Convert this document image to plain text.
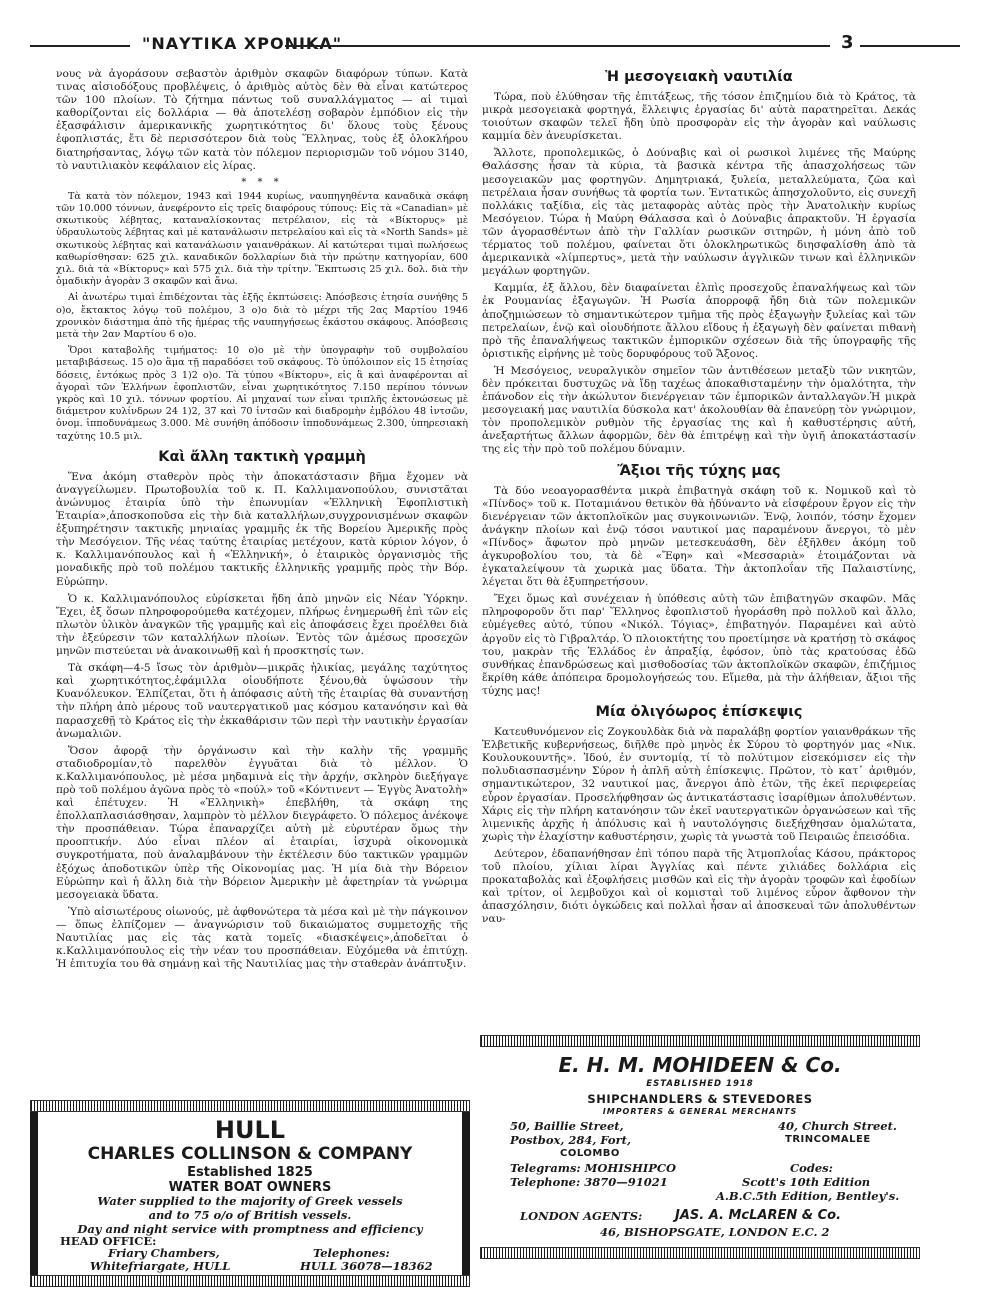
"ΝΑΥΤΙΚΑ ΧΡΟΝΙΚΑ"	3

νους νὰ ἀγοράσουν σεβαστὸν ἀριθμὸν σκαφῶν διαφόρων τύπων. Κατὰ τινας αἰσιοδόξους προβλέψεις, ὁ ἀριθμὸς αὐτὸς δὲν θὰ εἶναι κατώτερος τῶν 100 πλοίων. Τὸ ζήτημα πάντως τοῦ συναλλάγματος — αἱ τιμαὶ καθορίζονται εἰς δολλάρια — θὰ ἀποτελέσῃ σοβαρὸν ἐμπόδιον εἰς τὴν ἐξασφάλισιν ἀμερικανικῆς χωρητικότητος δι' ὅλους τοὺς ξένους ἐφοπλιστάς, ἔτι δὲ περισσότερον διὰ τοὺς Ἕλληνας, τοὺς ἐξ ὁλοκλήρου διατηρήσαντας, λόγῳ τῶν κατὰ τὸν πόλεμον περιορισμῶν τοῦ νόμου 3140, τὸ ναυτιλιακὸν κεφάλαιον εἰς λίρας.

* * *

Τὰ κατὰ τὸν πόλεμον, 1943 καὶ 1944 κυρίως, ναυπηγηθέντα καναδικὰ σκάφη τῶν 10.000 τόννων, ἀνεφέροντο εἰς τρεῖς διαφόρους τύπους: Εἰς τὰ «Canadian» μὲ σκωτικοὺς λέβητας, καταναλίσκοντας πετρέλαιον, εἰς τὰ «Βίκτορυς» μὲ ὑδραυλωτοὺς λέβητας καὶ μὲ κατανάλωσιν πετρελαίου καὶ εἰς τὰ «North Sands» μὲ σκωτικοὺς λέβητας καὶ κατανάλωσιν γαιανθράκων. Αἱ κατώτεραι τιμαὶ πωλήσεως καθωρίσθησαν: 625 χιλ. καναδικῶν δολλαρίων διὰ τὴν πρώτην κατηγορίαν, 600 χιλ. διὰ τὰ «Βίκτορυς» καὶ 575 χιλ. διὰ τὴν τρίτην. Ἔκπτωσις 25 χιλ. δολ. διὰ τὴν ὁμαδικὴν ἀγορὰν 3 σκαφῶν καὶ ἄνω.

Αἱ ἀνωτέρω τιμαὶ ἐπιδέχονται τὰς ἑξῆς ἐκπτώσεις: Ἀπόσβεσις ἐτησία συνήθης 5 ο)ο, ἔκτακτος λόγῳ τοῦ πολέμου, 3 ο)ο διὰ τὸ μέχρι τῆς 2ας Μαρτίου 1946 χρονικὸν διάστημα ἀπὸ τῆς ἡμέρας τῆς ναυπηγήσεως ἑκάστου σκάφους. Ἀπόσβεσις μετὰ τὴν 2αν Μαρτίου 6 ο)ο.

Ὅροι καταβολῆς τιμήματος: 10 ο)ο μὲ τὴν ὑπογραφὴν τοῦ συμβολαίου μεταβιβάσεως. 15 ο)ο ἅμα τῇ παραδόσει τοῦ σκάφους. Τὸ ὑπόλοιπον εἰς 15 ἐτησίας δόσεις, ἐντόκως πρὸς 3 1)2 ο)ο. Τὰ τύπου «Βίκτορυ», εἰς ἃ καὶ ἀναφέρονται αἱ ἀγοραὶ τῶν Ἑλλήνων ἐφοπλιστῶν, εἶναι χωρητικότητος 7.150 περίπου τόννων γκρὸς καὶ 10 χιλ. τόννων φορτίου. Αἱ μηχαναί των εἶναι τριπλῆς ἐκτονώσεως μὲ διάμετρον κυλίνδρων 24 1)2, 37 καὶ 70 ἰντσῶν καὶ διαδρομὴν ἐμβόλου 48 ἰντσῶν, ὀνομ. ἱπποδυνάμεως 3.000. Μὲ συνήθη ἀπόδοσιν ἱπποδυνάμεως 2.300, ὑπηρεσιακὴ ταχύτης 10.5 μιλ.

Καὶ ἄλλη τακτικὴ γραμμὴ

Ἕνα ἀκόμη σταθερὸν πρὸς τὴν ἀποκατάστασιν βῆμα ἔχομεν νὰ ἀναγγείλωμεν. Πρωτοβουλία τοῦ κ. Π. Καλλιμανοπούλου, συνιστᾶται ἀνώνυμος ἑταιρία ὑπὸ τὴν ἐπωνυμίαν «Ἑλληνικὴ Ἐφοπλιστικὴ Ἑταιρία»,ἀποσκοποῦσα εἰς τὴν διὰ καταλλήλων,συγχρονισμένων σκαφῶν ἐξυπηρέτησιν τακτικῆς μηνιαίας γραμμῆς ἐκ τῆς Βορείου Ἀμερικῆς πρὸς τὴν Μεσόγειον. Τῆς νέας ταύτης ἑταιρίας μετέχουν, κατὰ κύριον λόγον, ὁ κ. Καλλιμανόπουλος καὶ ἡ «Ἑλληνική», ὁ ἑταιρικὸς ὀργανισμὸς τῆς μοναδικῆς πρὸ τοῦ πολέμου τακτικῆς ἑλληνικῆς γραμμῆς πρὸς τὴν Βόρ. Εὐρώπην.

Ὁ κ. Καλλιμανόπουλος εὑρίσκεται ἤδη ἀπὸ μηνῶν εἰς Νέαν Ὑόρκην. Ἔχει, ἐξ ὅσων πληροφορούμεθα κατέχομεν, πλήρως ἐνημερωθῆ ἐπὶ τῶν εἰς πλωτὸν ὑλικὸν ἀναγκῶν τῆς γραμμῆς καὶ εἰς ἀποφάσεις ἔχει προέλθει διὰ τὴν ἐξεύρεσιν τῶν καταλλήλων πλοίων. Ἐντὸς τῶν ἀμέσως προσεχῶν μηνῶν πιστεύεται νὰ ἀνακοινωθῇ καὶ ἡ προσκτησίς των.

Τὰ σκάφη—4-5 ἴσως τὸν ἀριθμὸν—μικρᾶς ἡλικίας, μεγάλης ταχύτητος καὶ χωρητικότητος,ἐφάμιλλα οἱουδήποτε ξένου,θὰ ὑψώσουν τὴν Κυανόλευκον. Ἐλπίζεται, ὅτι ἡ ἀπόφασις αὐτὴ τῆς ἑταιρίας θὰ συναντήσῃ τὴν πλήρη ἀπὸ μέρους τοῦ ναυτεργατικοῦ μας κόσμου κατανόησιν καὶ θὰ παρασχεθῇ τὸ Κράτος εἰς τὴν ἐκκαθάρισιν τῶν περὶ τὴν ναυτικὴν ἐργασίαν ἀνωμαλιῶν.

Ὅσον ἀφορᾷ τὴν ὀργάνωσιν καὶ τὴν καλὴν τῆς γραμμῆς σταδιοδρομίαν,τὸ παρελθὸν ἐγγυᾶται διὰ τὸ μέλλον. Ὁ κ.Καλλιμανόπουλος, μὲ μέσα μηδαμινὰ εἰς τὴν ἀρχήν, σκληρὸν διεξήγαγε πρὸ τοῦ πολέμου ἀγῶνα πρὸς τὸ «πούλ» τοῦ «Κόντινεντ — Ἐγγὺς Ἀνατολὴ» καὶ ἐπέτυχεν. Ἡ «Ἑλληνικὴ» ἐπεβλήθη, τὰ σκάφη της ἐπολλαπλασιάσθησαν, λαμπρὸν τὸ μέλλον διεγράφετο. Ὁ πόλεμος ἀνέκοψε τὴν προσπάθειαν. Τώρα ἐπαναρχίζει αὐτὴ μὲ εὐρυτέραν ὅμως τὴν προοπτικήν. Δύο εἶναι πλέον αἱ ἑταιρίαι, ἰσχυρὰ οἰκονομικὰ συγκροτήματα, ποὺ ἀναλαμβάνουν τὴν ἐκτέλεσιν δύο τακτικῶν γραμμῶν ἐξόχως ἀποδοτικῶν ὑπὲρ τῆς Οἰκονομίας μας. Ἡ μία διὰ τὴν Βόρειον Εὐρώπην καὶ ἡ ἄλλη διὰ τὴν Βόρειον Ἀμερικὴν μὲ ἀφετηρίαν τὰ γνώριμα μεσογειακὰ ὕδατα.

Ὑπὸ αἰσιωτέρους οἰωνούς, μὲ ἀφθονώτερα τὰ μέσα καὶ μὲ τὴν πάγκοινον — ὅπως ἐλπίζομεν — ἀναγνώρισιν τοῦ δικαιώματος συμμετοχῆς τῆς Ναυτιλίας μας εἰς τὰς κατὰ τομεῖς «διασκέψεις»,ἀποδεῖται ὁ κ.Καλλιμανόπουλος εἰς τὴν νέαν του προσπάθειαν. Εὐχόμεθα νὰ ἐπιτύχῃ. Ἡ ἐπιτυχία του θὰ σημάνῃ καὶ τῆς Ναυτιλίας μας τὴν σταθερὰν ἀνάπτυξιν.

Ἡ μεσογειακὴ ναυτιλία

Τώρα, ποὺ ἐλύθησαν τῆς ἐπιτάξεως, τῆς τόσον ἐπιζημίου διὰ τὸ Κράτος, τὰ μικρὰ μεσογειακὰ φορτηγά, ἔλλειψις ἐργασίας δι' αὐτὰ παρατηρεῖται. Δεκάς τοιούτων σκαφῶν τελεῖ ἤδη ὑπὸ προσφορὰν εἰς τὴν ἀγορὰν καὶ ναύλωσις καμμία δὲν ἀνευρίσκεται.

Ἄλλοτε, προπολεμικῶς, ὁ Δούναβις καὶ οἱ ρωσικοὶ λιμένες τῆς Μαύρης Θαλάσσης ἦσαν τὰ κύρια, τὰ βασικὰ κέντρα τῆς ἀπασχολήσεως τῶν μεσογειακῶν μας φορτηγῶν. Δημητριακά, ξυλεία, μεταλλεύματα, ζῶα καὶ πετρέλαια ἦσαν συνήθως τὰ φορτία των. Ἐντατικῶς ἀπησχολοῦντο, εἰς συνεχῆ πολλάκις ταξίδια, εἰς τὰς μεταφορὰς αὐτὰς πρὸς τὴν Ἀνατολικὴν κυρίως Μεσόγειον. Τώρα ἡ Μαύρη Θάλασσα καὶ ὁ Δούναβις ἀπρακτοῦν. Ἡ ἐργασία τῶν ἀγορασθέντων ἀπὸ τὴν Γαλλίαν ρωσικῶν σιτηρῶν, ἡ μόνη ἀπὸ τοῦ τέρματος τοῦ πολέμου, φαίνεται ὅτι ὁλοκληρωτικῶς διησφαλίσθη ἀπὸ τὰ ἀμερικανικὰ «λίμπερτυς», μετὰ τὴν ναύλωσιν ἀγγλικῶν τινων καὶ ἑλληνικῶν μεγάλων φορτηγῶν.

Καμμία, ἐξ ἄλλου, δὲν διαφαίνεται ἐλπὶς προσεχοῦς ἐπαναλήψεως καὶ τῶν ἐκ Ρουμανίας ἐξαγωγῶν. Ἡ Ρωσία ἀπορροφᾷ ἤδη διὰ τῶν πολεμικῶν ἀποζημιώσεων τὸ σημαντικώτερον τμῆμα τῆς πρὸς ἐξαγωγὴν ξυλείας καὶ τῶν πετρελαίων, ἐνῷ καὶ οἱουδήποτε ἄλλου εἴδους ἡ ἐξαγωγὴ δὲν φαίνεται πιθανὴ πρὸ τῆς ἐπαναλήψεως τακτικῶν ἐμπορικῶν σχέσεων διὰ τῆς ὑπογραφῆς τῆς ὁριστικῆς εἰρήνης μὲ τοὺς δορυφόρους τοῦ Ἄξονος.

Ἡ Μεσόγειος, νευραλγικὸν σημεῖον τῶν ἀντιθέσεων μεταξὺ τῶν νικητῶν, δὲν πρόκειται δυστυχῶς νὰ ἴδῃ ταχέως ἀποκαθισταμένην τὴν ὁμαλότητα, τὴν ἐπάνοδον εἰς τὴν ἀκώλυτον διενέργειαν τῶν ἐμπορικῶν ἀνταλλαγῶν.Ἡ μικρὰ μεσογειακή μας ναυτιλία δύσκολα κατ' ἀκολουθίαν θὰ ἐπανεύρῃ τὸν γνώριμον, τὸν προπολεμικὸν ρυθμὸν τῆς ἐργασίας της καὶ ἡ καθυστέρησις αὐτή, ἀνεξαρτήτως ἄλλων ἀφορμῶν, δὲν θὰ ἐπιτρέψῃ καὶ τὴν ὑγιῆ ἀποκατάστασίν της εἰς τὴν πρὸ τοῦ πολέμου δύναμιν.

Ἄξιοι τῆς τύχης μας

Τὰ δύο νεοαγορασθέντα μικρὰ ἐπιβατηγὰ σκάφη τοῦ κ. Νομικοῦ καὶ τὸ «Πίνδος» τοῦ κ. Ποταμιάνου θετικὸν θὰ ἠδύναντο νὰ εἰσφέρουν ἔργον εἰς τὴν διενέργειαν τῶν ἀκτοπλοϊκῶν μας συγκοινωνιῶν. Ἐνῷ, λοιπόν, τόσην ἔχομεν ἀνάγκην πλοίων καὶ ἐνῷ τόσοι ναυτικοί μας παραμένουν ἄνεργοι, τὸ μὲν «Πίνδος» ἄφωτον πρὸ μηνῶν μετεσκευάσθη, δὲν ἐξῆλθεν ἀκόμη τοῦ ἀγκυροβολίου του, τὰ δὲ «Ἔφη» καὶ «Μεσσαριὰ» ἑτοιμάζονται νὰ ἐγκαταλείψουν τὰ χωρικὰ μας ὕδατα. Τὴν ἀκτοπλοΐαν τῆς Παλαιστίνης, λέγεται ὅτι θὰ ἐξυπηρετήσουν.

Ἔχει ὅμως καὶ συνέχειαν ἡ ὑπόθεσις αὐτὴ τῶν ἐπιβατηγῶν σκαφῶν. Μᾶς πληροφοροῦν ὅτι παρ' Ἕλληνος ἐφοπλιστοῦ ἠγοράσθη πρὸ πολλοῦ καὶ ἄλλο, εὐμέγεθες αὐτό, τύπου «Νικόλ. Τόγιας», ἐπιβατηγόν. Παραμένει καὶ αὐτὸ ἀργοῦν εἰς τὸ Γιβραλτάρ. Ὁ πλοιοκτήτης του προετίμησε νὰ κρατήσῃ τὸ σκάφος του, μακρὰν τῆς Ἑλλάδος ἐν ἀπραξίᾳ, ἐφόσον, ὑπὸ τὰς κρατούσας ἐδῶ συνθήκας ἐπανδρώσεως καὶ μισθοδοσίας τῶν ἀκτοπλοϊκῶν σκαφῶν, ἐπιζήμιος ἔκρίθη κάθε ἀπόπειρα δρομολογήσεώς του. Εἴμεθα, μὰ τὴν ἀλήθειαν, ἄξιοι τῆς τύχης μας!

Μία ὀλιγόωρος ἐπίσκεψις

Κατευθυνόμενον εἰς Ζογκουλδὰκ διὰ νὰ παραλάβῃ φορτίον γαιανθράκων τῆς Ἑλβετικῆς κυβερνήσεως, διῆλθε πρὸ μηνὸς ἐκ Σύρου τὸ φορτηγόν μας «Νικ. Κουλουκουντῆς». Ἰδού, ἐν συντομίᾳ, τί τὸ πολύτιμον εἰσεκόμισεν εἰς τὴν πολυδιασπασμένην Σύρον ἡ ἁπλῆ αὐτὴ ἐπίσκεψις. Πρῶτον, τὸ κατ᾽ ἀριθμόν, σημαντικώτερον, 32 ναυτικοί μας, ἄνεργοι ἀπὸ ἐτῶν, τῆς ἐκεῖ περιφερείας εὗρον ἐργασίαν. Προσελήφθησαν ὡς ἀντικατάστασις ἰσαρίθμων ἀπολυθέντων. Χάρις εἰς τὴν πλήρη κατανόησιν τῶν ἐκεῖ ναυτεργατικῶν ὀργανώσεων καὶ τῆς λιμενικῆς ἀρχῆς ἡ ἀπόλυσις καὶ ἡ ναυτολόγησις διεξήχθησαν ὁμαλώτατα, χωρὶς τὴν ἐλαχίστην καθυστέρησιν, χωρὶς τὰ γνωστὰ τοῦ Πειραιῶς ἐπεισόδια.

Δεύτερον, ἐδαπανήθησαν ἐπὶ τόπου παρὰ τῆς Ἀτμοπλοΐας Κάσου, πράκτορος τοῦ πλοίου, χίλιαι λίραι Ἀγγλίας καὶ πέντε χιλιάδες δολλάρια εἰς προκαταβολὰς καὶ ἐξοφλήσεις μισθῶν καὶ εἰς τὴν ἀγορὰν τροφῶν καὶ ἐφοδίων καὶ τρίτον, οἱ λεμβοῦχοι καὶ οἱ κομισταὶ τοῦ λιμένος εὗρον ἄφθονον τὴν ἀπασχόλησιν, διότι ὀγκώδεις καὶ πολλαὶ ἦσαν αἱ ἀποσκευαὶ τῶν ἀπολυθέντων ναυ-

HULL
CHARLES COLLINSON & COMPANY
Established 1825
WATER BOAT OWNERS
Water supplied to the majority of Greek vessels
and to 75 o/o of British vessels.
Day and night service with promptness and efficiency
HEAD OFFICE:
Friary Chambers,	Telephones:
Whitefriargate, HULL	HULL 36078—18362
E. H. M. MOHIDEEN & Co.
ESTABLISHED 1918
SHIPCHANDLERS & STEVEDORES
IMPORTERS & GENERAL MERCHANTS
50, Baillie Street,	40, Church Street.
Postbox, 284, Fort,	TRINCOMALEE
COLOMBO
Telegrams: MOHISHIPCO	Codes:
Telephone: 3870—91021	Scott's 10th Edition
A.B.C.5th Edition, Bentley's.
LONDON AGENTS:	JAS. A. McLAREN & Co.
46, BISHOPSGATE, LONDON E.C. 2
